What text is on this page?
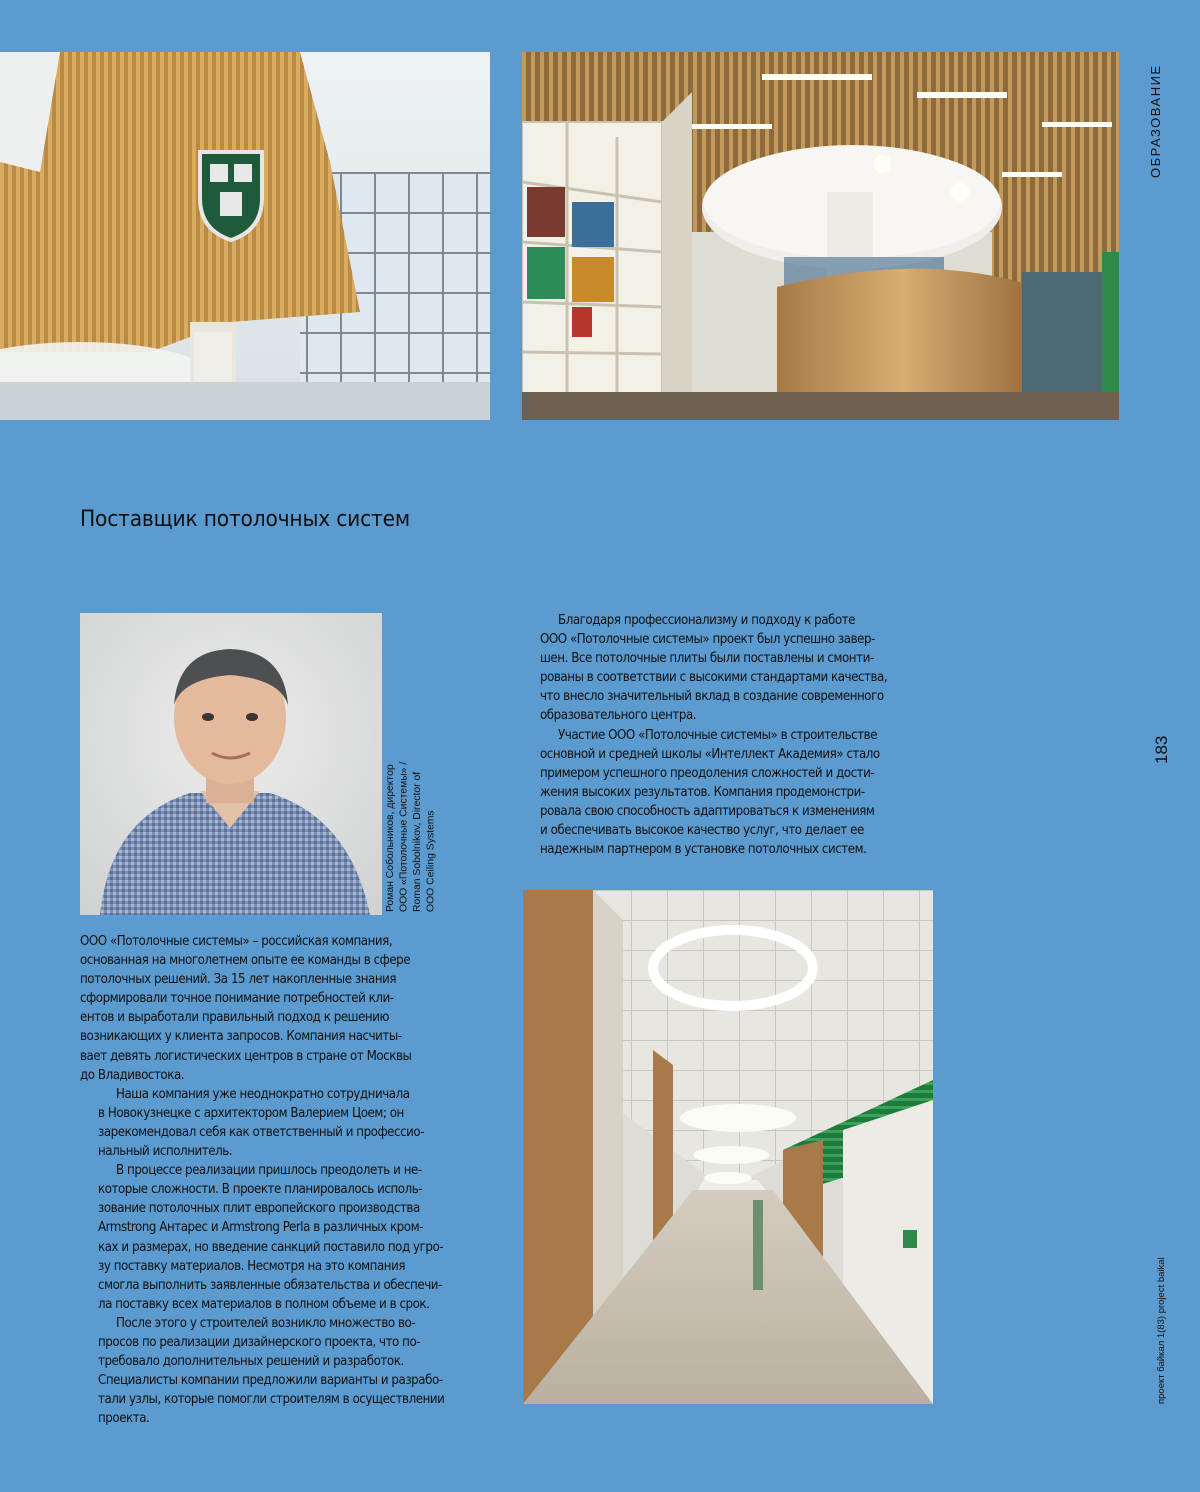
ОБРАЗОВАНИЕ
183
проект байкал 1(83) project baikal
Поставщик потолочных систем
Роман Собольников, директор ООО «Потолочные Системы» / Roman Sobolnikov, Director of OOO Ceiling Systems

ООО «Потолочные системы» – российская компания,
основанная на многолетнем опыте ее команды в сфере
потолочных решений. За 15 лет накопленные знания
сформировали точное понимание потребностей кли-
ентов и выработали правильный подход к решению
возникающих у клиента запросов. Компания насчиты-
вает девять логистических центров в стране от Москвы
до Владивостока.

Наша компания уже неоднократно сотрудничала
в Новокузнецке с архитектором Валерием Цоем; он
зарекомендовал себя как ответственный и профессио-
нальный исполнитель.

В процессе реализации пришлось преодолеть и не-
которые сложности. В проекте планировалось исполь-
зование потолочных плит европейского производства
Armstrong Антарес и Armstrong Perla в различных кром-
ках и размерах, но введение санкций поставило под угро-
зу поставку материалов. Несмотря на это компания
смогла выполнить заявленные обязательства и обеспечи-
ла поставку всех материалов в полном объеме и в срок.

После этого у строителей возникло множество во-
просов по реализации дизайнерского проекта, что по-
требовало дополнительных решений и разработок.
Специалисты компании предложили варианты и разрабо-
тали узлы, которые помогли строителям в осуществлении
проекта.

Благодаря профессионализму и подходу к работе
ООО «Потолочные системы» проект был успешно завер-
шен. Все потолочные плиты были поставлены и смонти-
рованы в соответствии с высокими стандартами качества,
что внесло значительный вклад в создание современного
образовательного центра.

Участие ООО «Потолочные системы» в строительстве
основной и средней школы «Интеллект Академия» стало
примером успешного преодоления сложностей и дости-
жения высоких результатов. Компания продемонстри-
ровала свою способность адаптироваться к изменениям
и обеспечивать высокое качество услуг, что делает ее
надежным партнером в установке потолочных систем.
